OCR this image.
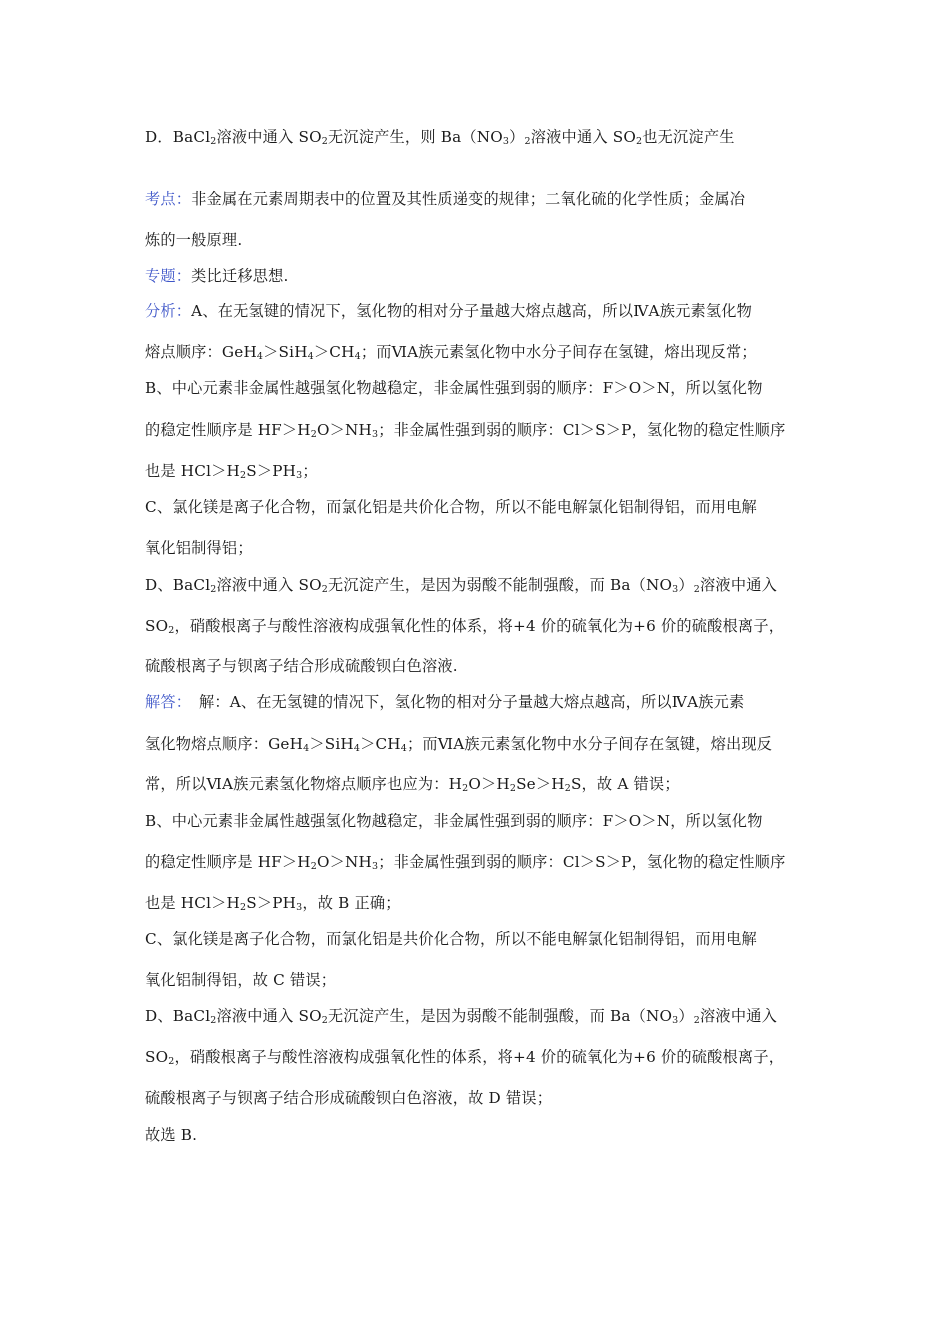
D．BaCl$_2$溶液中通入 $SO_2$无沉淀产生，则 $Ba(NO_3)_2$溶液中通入 $SO_2$也无沉淀产生
考点：非金属在元素周期表中的位置及其性质递变的规律；二氧化硫的化学性质；金属冶
炼的一般原理.
专题：类比迁移思想.
分析：A、在无氢键的情况下，氢化物的相对分子量越大熔点越高，所以ⅣA族元素氢化物
熔点顺序：$GeH_4>SiH_4>CH_4$；而ⅥA族元素氢化物中水分子间存在氢键，熔出现反常；
B、中心元素非金属性越强氢化物越稳定，非金属性强到弱的顺序：F＞O＞N，所以氢化物
的稳定性顺序是 $HF>H_2O>NH_3$；非金属性强到弱的顺序：Cl＞S＞P，氢化物的稳定性顺序
也是 $HCl>H_2S>PH_3$；
C、氯化镁是离子化合物，而氯化铝是共价化合物，所以不能电解氯化铝制得铝，而用电解
氧化铝制得铝；
D、BaCl$_2$溶液中通入 $SO_2$无沉淀产生，是因为弱酸不能制强酸，而 $Ba(NO_3)_2$溶液中通入
$SO_2$，硝酸根离子与酸性溶液构成强氧化性的体系，将+4 价的硫氧化为+6 价的硫酸根离子，
硫酸根离子与钡离子结合形成硫酸钡白色溶液.
解答：　解：A、在无氢键的情况下，氢化物的相对分子量越大熔点越高，所以ⅣA族元素
氢化物熔点顺序：$GeH_4>SiH_4>CH_4$；而ⅥA族元素氢化物中水分子间存在氢键，熔出现反
常，所以ⅥA族元素氢化物熔点顺序也应为：$H_2O>H_2Se>H_2S$，故 A 错误；
B、中心元素非金属性越强氢化物越稳定，非金属性强到弱的顺序：F＞O＞N，所以氢化物
的稳定性顺序是 $HF>H_2O>NH_3$；非金属性强到弱的顺序：Cl＞S＞P，氢化物的稳定性顺序
也是 $HCl>H_2S>PH_3$，故 B 正确；
C、氯化镁是离子化合物，而氯化铝是共价化合物，所以不能电解氯化铝制得铝，而用电解
氧化铝制得铝，故 C 错误；
D、BaCl$_2$溶液中通入 $SO_2$无沉淀产生，是因为弱酸不能制强酸，而 $Ba(NO_3)_2$溶液中通入
$SO_2$，硝酸根离子与酸性溶液构成强氧化性的体系，将+4 价的硫氧化为+6 价的硫酸根离子，
硫酸根离子与钡离子结合形成硫酸钡白色溶液，故 D 错误；
故选 B.
